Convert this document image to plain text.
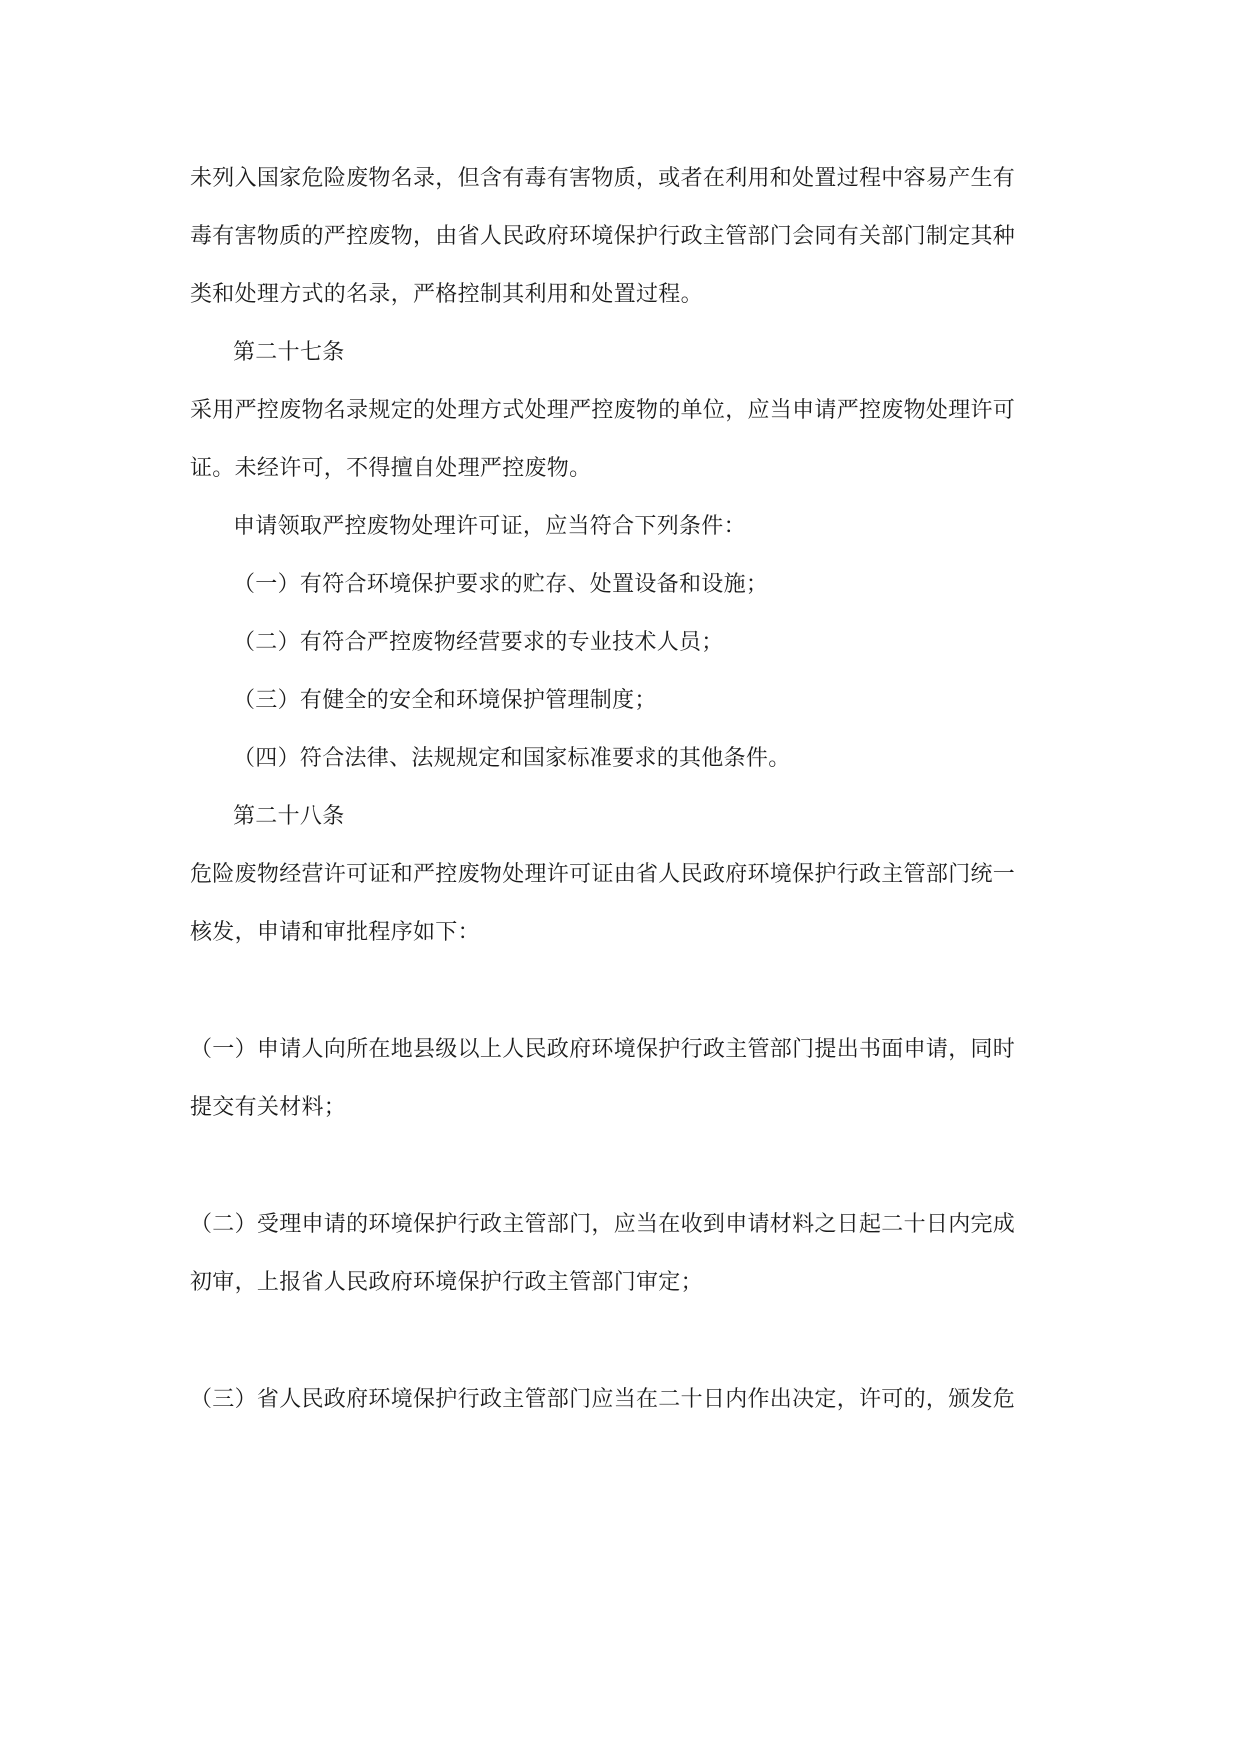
未列入国家危险废物名录，但含有毒有害物质，或者在利用和处置过程中容易产生有
毒有害物质的严控废物，由省人民政府环境保护行政主管部门会同有关部门制定其种
类和处理方式的名录，严格控制其利用和处置过程。
第二十七条
采用严控废物名录规定的处理方式处理严控废物的单位，应当申请严控废物处理许可
证。未经许可，不得擅自处理严控废物。
申请领取严控废物处理许可证，应当符合下列条件：
（一）有符合环境保护要求的贮存、处置设备和设施；
（二）有符合严控废物经营要求的专业技术人员；
（三）有健全的安全和环境保护管理制度；
（四）符合法律、法规规定和国家标准要求的其他条件。
第二十八条
危险废物经营许可证和严控废物处理许可证由省人民政府环境保护行政主管部门统一
核发，申请和审批程序如下：
（一）申请人向所在地县级以上人民政府环境保护行政主管部门提出书面申请，同时
提交有关材料；
（二）受理申请的环境保护行政主管部门，应当在收到申请材料之日起二十日内完成
初审，上报省人民政府环境保护行政主管部门审定；
（三）省人民政府环境保护行政主管部门应当在二十日内作出决定，许可的，颁发危
